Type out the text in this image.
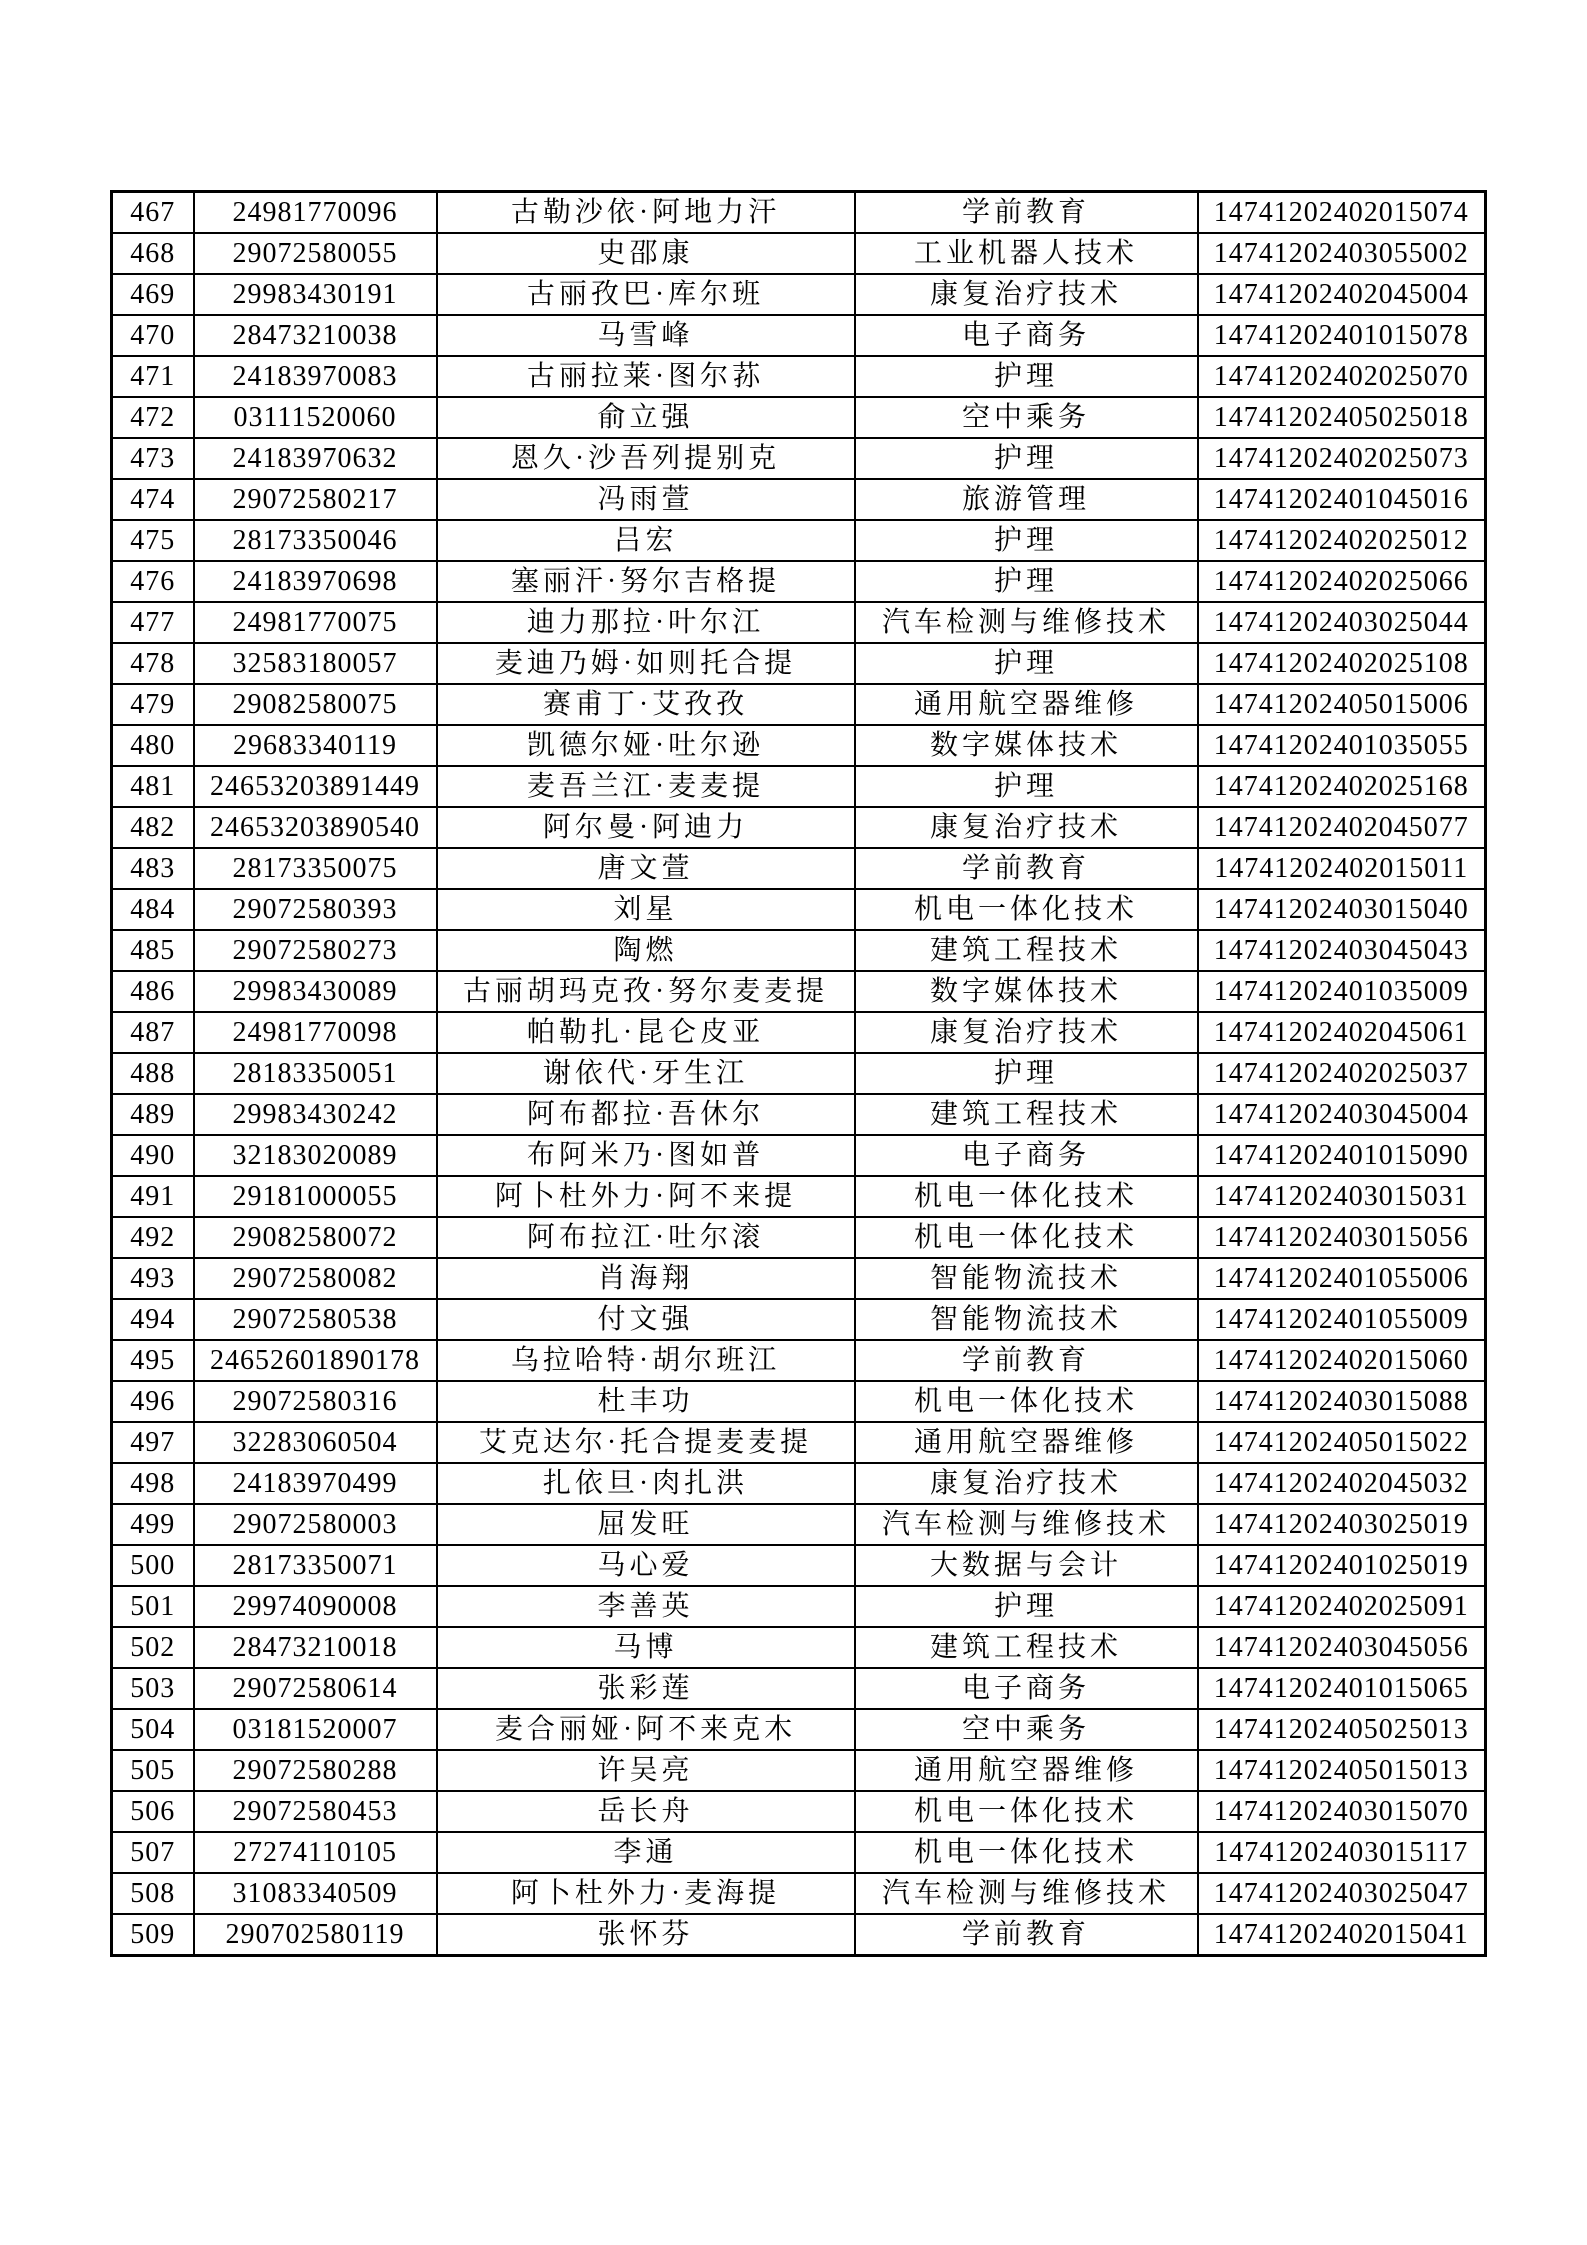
467	24981770096	古勒沙依·阿地力汗	学前教育	14741202402015074
468	29072580055	史邵康	工业机器人技术	14741202403055002
469	29983430191	古丽孜巴·库尔班	康复治疗技术	14741202402045004
470	28473210038	马雪峰	电子商务	14741202401015078
471	24183970083	古丽拉莱·图尔荪	护理	14741202402025070
472	03111520060	俞立强	空中乘务	14741202405025018
473	24183970632	恩久·沙吾列提别克	护理	14741202402025073
474	29072580217	冯雨萱	旅游管理	14741202401045016
475	28173350046	吕宏	护理	14741202402025012
476	24183970698	塞丽汗·努尔吉格提	护理	14741202402025066
477	24981770075	迪力那拉·叶尔江	汽车检测与维修技术	14741202403025044
478	32583180057	麦迪乃姆·如则托合提	护理	14741202402025108
479	29082580075	赛甫丁·艾孜孜	通用航空器维修	14741202405015006
480	29683340119	凯德尔娅·吐尔逊	数字媒体技术	14741202401035055
481	24653203891449	麦吾兰江·麦麦提	护理	14741202402025168
482	24653203890540	阿尔曼·阿迪力	康复治疗技术	14741202402045077
483	28173350075	唐文萱	学前教育	14741202402015011
484	29072580393	刘星	机电一体化技术	14741202403015040
485	29072580273	陶燃	建筑工程技术	14741202403045043
486	29983430089	古丽胡玛克孜·努尔麦麦提	数字媒体技术	14741202401035009
487	24981770098	帕勒扎·昆仑皮亚	康复治疗技术	14741202402045061
488	28183350051	谢依代·牙生江	护理	14741202402025037
489	29983430242	阿布都拉·吾休尔	建筑工程技术	14741202403045004
490	32183020089	布阿米乃·图如普	电子商务	14741202401015090
491	29181000055	阿卜杜外力·阿不来提	机电一体化技术	14741202403015031
492	29082580072	阿布拉江·吐尔滚	机电一体化技术	14741202403015056
493	29072580082	肖海翔	智能物流技术	14741202401055006
494	29072580538	付文强	智能物流技术	14741202401055009
495	24652601890178	乌拉哈特·胡尔班江	学前教育	14741202402015060
496	29072580316	杜丰功	机电一体化技术	14741202403015088
497	32283060504	艾克达尔·托合提麦麦提	通用航空器维修	14741202405015022
498	24183970499	扎依旦·肉扎洪	康复治疗技术	14741202402045032
499	29072580003	屈发旺	汽车检测与维修技术	14741202403025019
500	28173350071	马心爱	大数据与会计	14741202401025019
501	29974090008	李善英	护理	14741202402025091
502	28473210018	马博	建筑工程技术	14741202403045056
503	29072580614	张彩莲	电子商务	14741202401015065
504	03181520007	麦合丽娅·阿不来克木	空中乘务	14741202405025013
505	29072580288	许吴亮	通用航空器维修	14741202405015013
506	29072580453	岳长舟	机电一体化技术	14741202403015070
507	27274110105	李通	机电一体化技术	14741202403015117
508	31083340509	阿卜杜外力·麦海提	汽车检测与维修技术	14741202403025047
509	290702580119	张怀芬	学前教育	14741202402015041
